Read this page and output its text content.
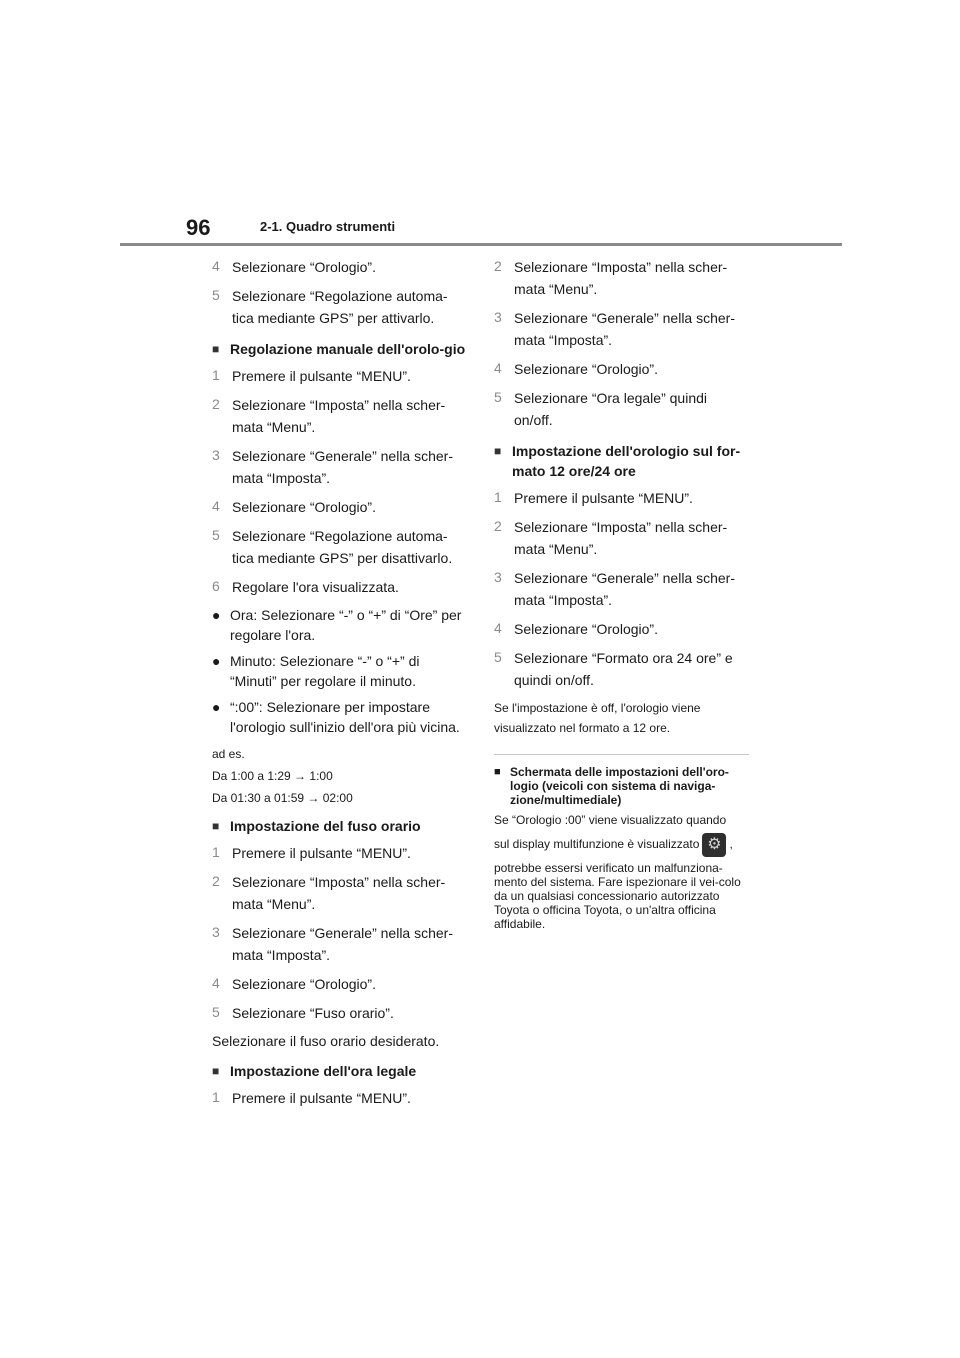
96	2-1. Quadro strumenti
4 Selezionare “Orologio”.
5 Selezionare “Regolazione automa-tica mediante GPS” per attivarlo.
■ Regolazione manuale dell'orolo-gio
1 Premere il pulsante “MENU”.
2 Selezionare “Imposta” nella scher-mata “Menu”.
3 Selezionare “Generale” nella scher-mata “Imposta”.
4 Selezionare “Orologio”.
5 Selezionare “Regolazione automa-tica mediante GPS” per disattivarlo.
6 Regolare l'ora visualizzata.
● Ora: Selezionare “-” o “+” di “Ore” per regolare l'ora.
● Minuto: Selezionare “-” o “+” di “Minuti” per regolare il minuto.
● “:00”: Selezionare per impostare l'orologio sull'inizio dell'ora più vicina.
ad es.
Da 1:00 a 1:29 → 1:00
Da 01:30 a 01:59 → 02:00
■ Impostazione del fuso orario
1 Premere il pulsante “MENU”.
2 Selezionare “Imposta” nella scher-mata “Menu”.
3 Selezionare “Generale” nella scher-mata “Imposta”.
4 Selezionare “Orologio”.
5 Selezionare “Fuso orario”.
Selezionare il fuso orario desiderato.
■ Impostazione dell'ora legale
1 Premere il pulsante “MENU”.
2 Selezionare “Imposta” nella scher-mata “Menu”.
3 Selezionare “Generale” nella scher-mata “Imposta”.
4 Selezionare “Orologio”.
5 Selezionare “Ora legale” quindi on/off.
■ Impostazione dell'orologio sul for-mato 12 ore/24 ore
1 Premere il pulsante “MENU”.
2 Selezionare “Imposta” nella scher-mata “Menu”.
3 Selezionare “Generale” nella scher-mata “Imposta”.
4 Selezionare “Orologio”.
5 Selezionare “Formato ora 24 ore” e quindi on/off.
Se l'impostazione è off, l'orologio viene visualizzato nel formato a 12 ore.
■ Schermata delle impostazioni dell'oro-logio (veicoli con sistema di naviga-zione/multimediale)
Se “Orologio :00” viene visualizzato quando
sul display multifunzione è visualizzato ⚙ ,
potrebbe essersi verificato un malfunziona-mento del sistema. Fare ispezionare il vei-colo da un qualsiasi concessionario autorizzato Toyota o officina Toyota, o un'altra officina affidabile.
